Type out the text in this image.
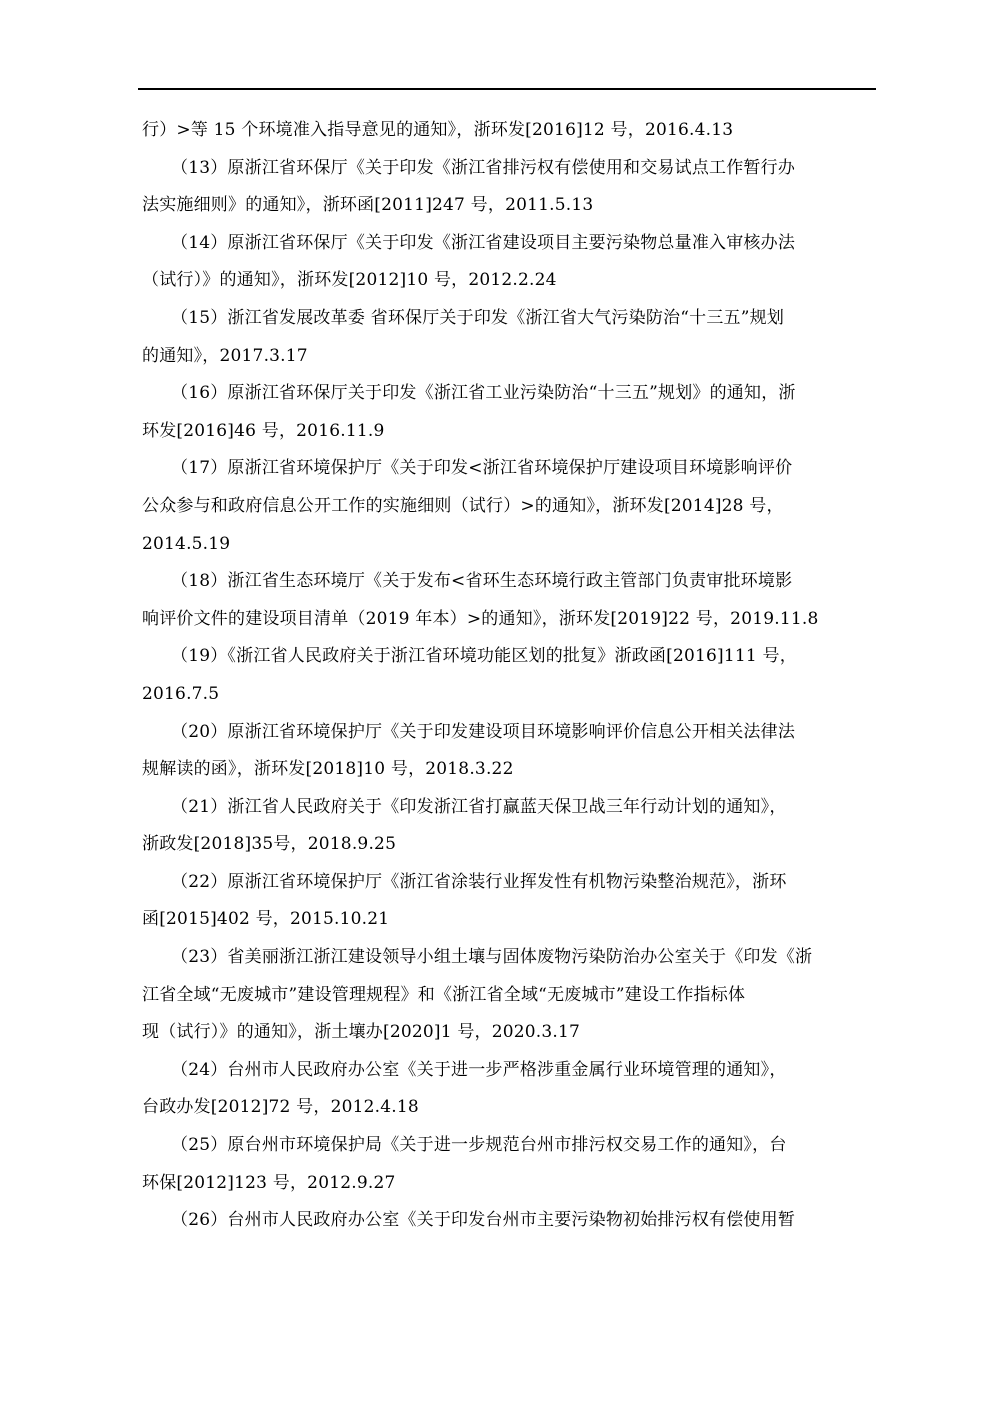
行）>等 15 个环境准入指导意见的通知》，浙环发[2016]12 号，2016.4.13
（13）原浙江省环保厅《关于印发《浙江省排污权有偿使用和交易试点工作暂行办
法实施细则》的通知》，浙环函[2011]247 号，2011.5.13
（14）原浙江省环保厅《关于印发《浙江省建设项目主要污染物总量准入审核办法
（试行）》的通知》，浙环发[2012]10 号，2012.2.24
（15）浙江省发展改革委 省环保厅关于印发《浙江省大气污染防治“十三五”规划
的通知》，2017.3.17
（16）原浙江省环保厅关于印发《浙江省工业污染防治“十三五”规划》的通知，浙
环发[2016]46 号，2016.11.9
（17）原浙江省环境保护厅《关于印发<浙江省环境保护厅建设项目环境影响评价
公众参与和政府信息公开工作的实施细则（试行）>的通知》，浙环发[2014]28 号，
2014.5.19
（18）浙江省生态环境厅《关于发布<省环生态环境行政主管部门负责审批环境影
响评价文件的建设项目清单（2019 年本）>的通知》，浙环发[2019]22 号，2019.11.8
（19）《浙江省人民政府关于浙江省环境功能区划的批复》浙政函[2016]111 号，
2016.7.5
（20）原浙江省环境保护厅《关于印发建设项目环境影响评价信息公开相关法律法
规解读的函》，浙环发[2018]10 号，2018.3.22
（21）浙江省人民政府关于《印发浙江省打赢蓝天保卫战三年行动计划的通知》，
浙政发[2018]35号，2018.9.25
（22）原浙江省环境保护厅《浙江省涂装行业挥发性有机物污染整治规范》，浙环
函[2015]402 号，2015.10.21
（23）省美丽浙江浙江建设领导小组土壤与固体废物污染防治办公室关于《印发《浙
江省全域“无废城市”建设管理规程》和《浙江省全域“无废城市”建设工作指标体
现（试行）》的通知》，浙土壤办[2020]1 号，2020.3.17
（24）台州市人民政府办公室《关于进一步严格涉重金属行业环境管理的通知》，
台政办发[2012]72 号，2012.4.18
（25）原台州市环境保护局《关于进一步规范台州市排污权交易工作的通知》，台
环保[2012]123 号，2012.9.27
（26）台州市人民政府办公室《关于印发台州市主要污染物初始排污权有偿使用暂
